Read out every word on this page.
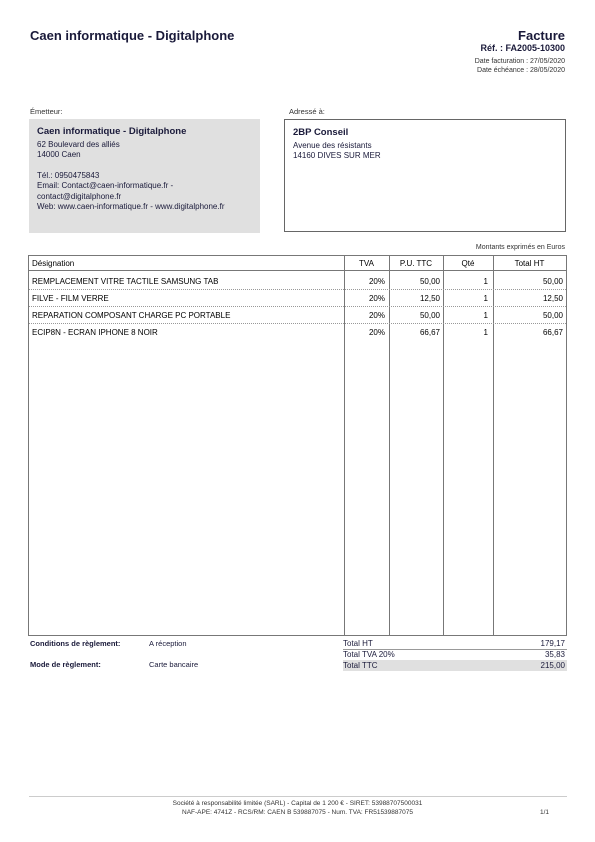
Caen informatique - Digitalphone	Facture
Réf. : FA2005-10300
Date facturation : 27/05/2020
Date échéance : 28/05/2020
Émetteur:	Adressé à:
Caen informatique - Digitalphone
62 Boulevard des alliés
14000 Caen
Tél.: 0950475843
Email: Contact@caen-informatique.fr -
contact@digitalphone.fr
Web: www.caen-informatique.fr - www.digitalphone.fr
2BP Conseil
Avenue des résistants
14160 DIVES SUR MER
Montants exprimés en Euros
Désignation	TVA	P.U. TTC	Qté	Total HT
REMPLACEMENT VITRE TACTILE SAMSUNG TAB	20%	50,00	1	50,00
FILVE - FILM VERRE	20%	12,50	1	12,50
REPARATION COMPOSANT CHARGE PC PORTABLE	20%	50,00	1	50,00
ECIP8N - ECRAN IPHONE 8 NOIR	20%	66,67	1	66,67
Conditions de règlement:	A réception
Mode de règlement:	Carte bancaire
Total HT	179,17
Total TVA 20%	35,83
Total TTC	215,00
Société à responsabilité limitée (SARL) - Capital de 1 200 € - SIRET: 53988707500031
NAF-APE: 4741Z - RCS/RM: CAEN B 539887075 - Num. TVA: FR51539887075	1/1
